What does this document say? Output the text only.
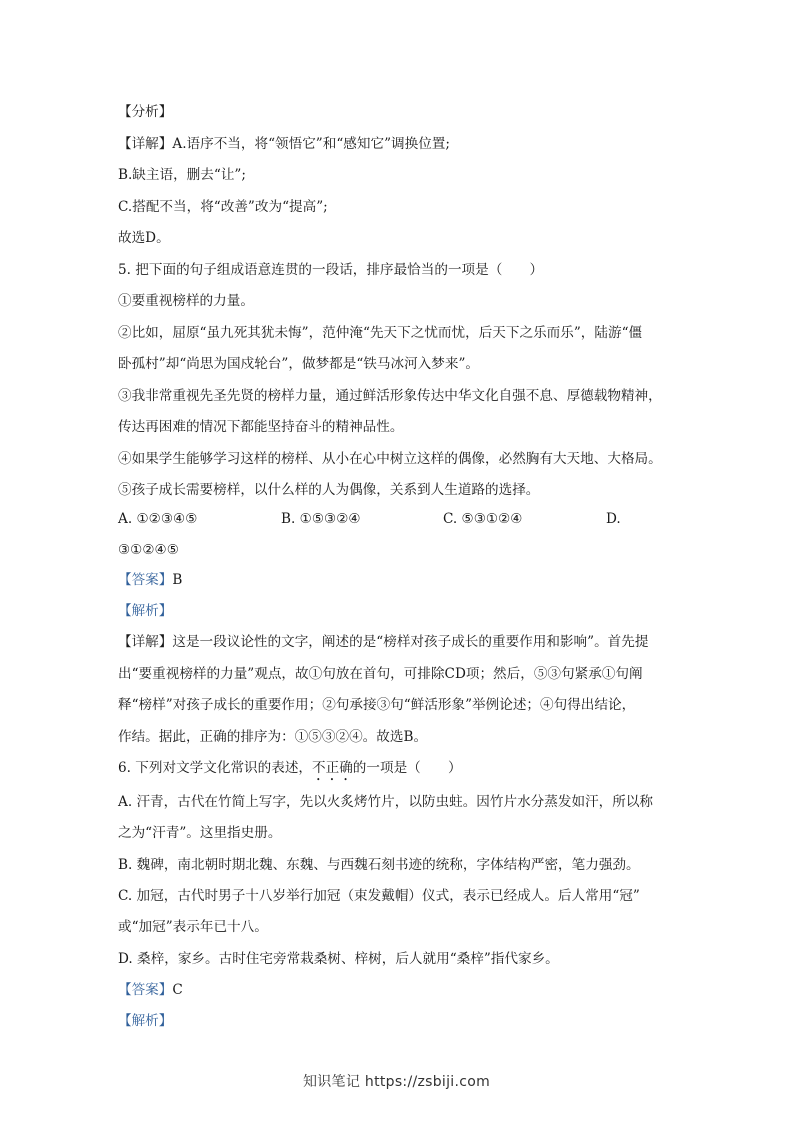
【分析】
【详解】A.语序不当，将“领悟它”和“感知它”调换位置;
B.缺主语，删去“让”;
C.搭配不当，将“改善”改为“提高”;
故选D。
5. 把下面的句子组成语意连贯的一段话，排序最恰当的一项是（　　）
①要重视榜样的力量。
②比如，屈原“虽九死其犹未悔”，范仲淹“先天下之忧而忧，后天下之乐而乐”，陆游“僵
卧孤村”却“尚思为国戍轮台”，做梦都是“铁马冰河入梦来”。
③我非常重视先圣先贤的榜样力量，通过鲜活形象传达中华文化自强不息、厚德载物精神，
传达再困难的情况下都能坚持奋斗的精神品性。
④如果学生能够学习这样的榜样、从小在心中树立这样的偶像，必然胸有大天地、大格局。
⑤孩子成长需要榜样，以什么样的人为偶像，关系到人生道路的选择。
A. ①②③④⑤	B. ①⑤③②④	C. ⑤③①②④	D.
③①②④⑤
【答案】B
【解析】
【详解】这是一段议论性的文字，阐述的是“榜样对孩子成长的重要作用和影响”。首先提
出“要重视榜样的力量”观点，故①句放在首句，可排除CD项；然后，⑤③句紧承①句阐
释“榜样”对孩子成长的重要作用；②句承接③句“鲜活形象”举例论述；④句得出结论，
作结。据此，正确的排序为：①⑤③②④。故选B。
6. 下列对文学文化常识的表述，不正确的一项是（　　）
A. 汗青，古代在竹简上写字，先以火炙烤竹片，以防虫蛀。因竹片水分蒸发如汗，所以称
之为“汗青”。这里指史册。
B. 魏碑，南北朝时期北魏、东魏、与西魏石刻书迹的统称，字体结构严密，笔力强劲。
C. 加冠，古代时男子十八岁举行加冠（束发戴帽）仪式，表示已经成人。后人常用“冠”
或“加冠”表示年已十八。
D. 桑梓，家乡。古时住宅旁常栽桑树、梓树，后人就用“桑梓”指代家乡。
【答案】C
【解析】
知识笔记 https://zsbiji.com
